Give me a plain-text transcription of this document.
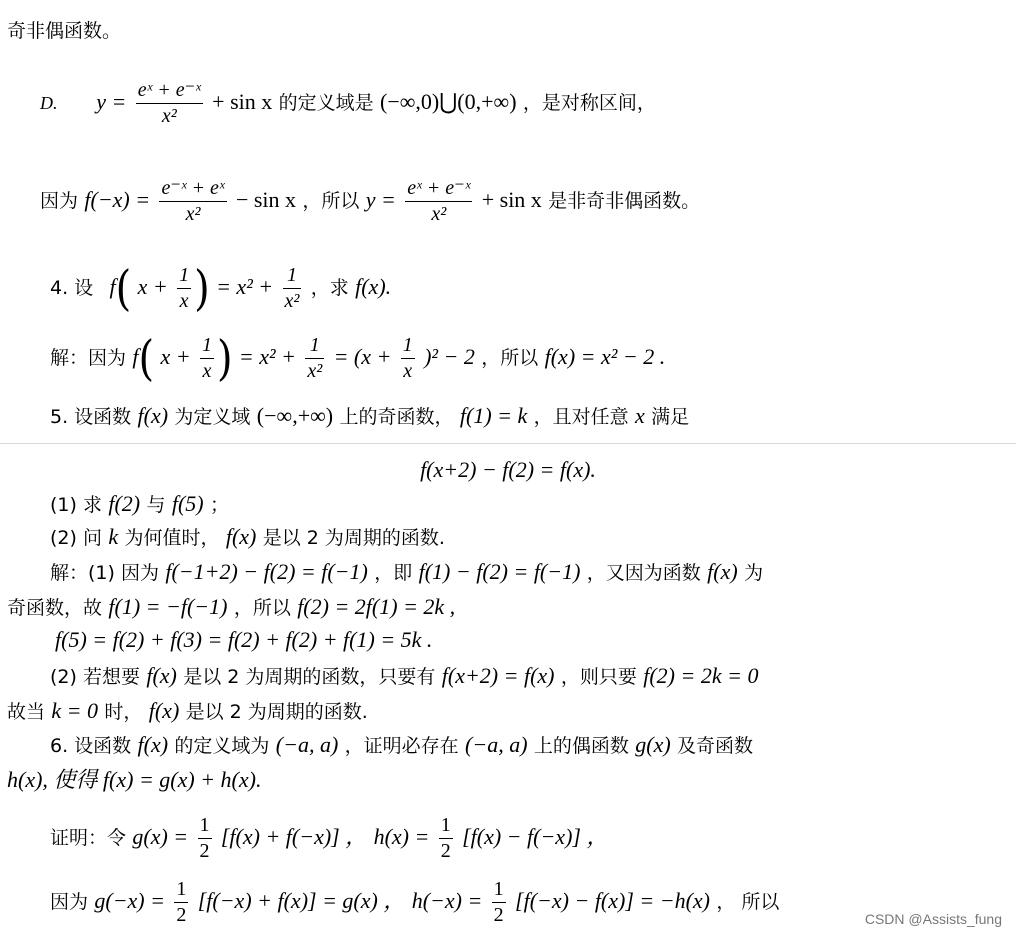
奇非偶函数。
D. $y = \frac{\text{eˣ + e⁻ˣ}}{\text{x²}} + \sin x$ 的定义域是 (−∞,0)⋃(0,+∞) ，是对称区间，
因为 $f(-x) = \frac{\text{e⁻ˣ + eˣ}}{\text{x²}} - \sin x$ ，所以 $y = \frac{\text{eˣ + e⁻ˣ}}{\text{x²}} + \sin x$ 是非奇非偶函数。
4. 设 f( $x + \frac{1}{x}$ ) = $x^2 + \frac{1}{\text{x²}}$ ，求 f(x).
解：因为 f( $x + \frac{1}{x}$ ) = $x^2 + \frac{1}{\text{x²}} = (x + \frac{1}{x} )^2 - 2$ ，所以 f(x) = x² − 2 .
5. 设函数 f(x) 为定义域 (−∞,+∞) 上的奇函数， f(1) = k ，且对任意 x 满足
f(x+2) − f(2) = f(x).
(1) 求 f(2) 与 f(5) ；
(2) 问 k 为何值时， f(x) 是以 2 为周期的函数.
解：(1) 因为 f(−1+2) − f(2) = f(−1) ，即 f(1) − f(2) = f(−1) ，又因为函数 f(x) 为
奇函数，故 f(1) = −f(−1) ，所以 f(2) = 2f(1) = 2k ,
f(5) = f(2) + f(3) = f(2) + f(2) + f(1) = 5k .
(2) 若想要 f(x) 是以 2 为周期的函数，只要有 f(x+2) = f(x) ，则只要 f(2) = 2k = 0
故当 k = 0 时， f(x) 是以 2 为周期的函数.
6. 设函数 f(x) 的定义域为 (−a, a) ，证明必存在 (−a, a) 上的偶函数 g(x) 及奇函数
h(x), 使得 f(x) = g(x) + h(x).
证明：令 $g(x) = \frac{1}{2} [f(x) + f(-x)]$ ， $h(x) = \frac{1}{2} [f(x) - f(-x)]$ ，
因为 $g(-x) = \frac{1}{2} [f(-x) + f(x)] = g(x)$ ， $h(-x) = \frac{1}{2} [f(-x) - f(x)] = -h(x)$ ， 所以
CSDN @Assists_fung
